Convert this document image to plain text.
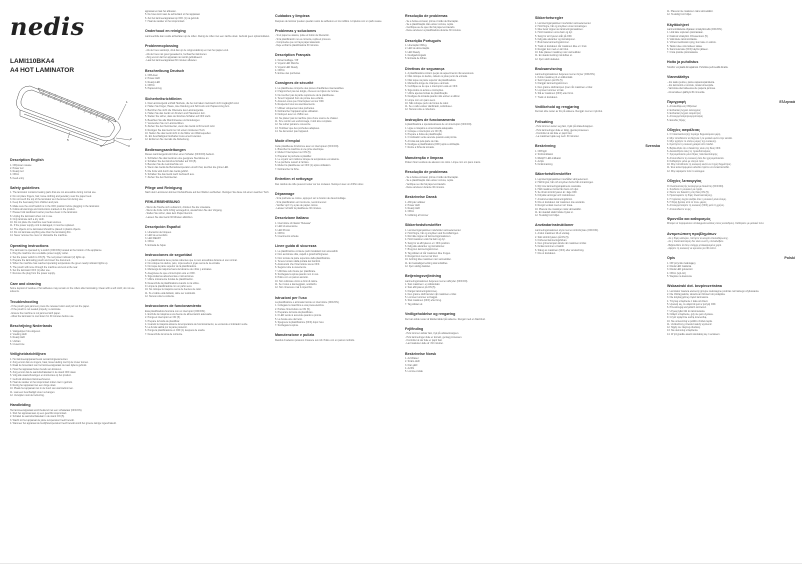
nedis
LAMI110BKA4
A4 HOT LAMINATOR
1
2
3
4
5
Description English
1. Off/power release
2. Power led
3. Ready led
4. Off/on
5. Feed entry
Safety guidelines
1. The laminator contains heating parts that are not accessible during normal use.
2. Do not place fingers, hair, loose clothing and jewellery near the paper feed.
3. Do not touch the top of the laminator as it becomes hot during use.
4. Keep the heat away from children and pets.
5. Make sure the on/off switch is in the OFF position before plugging in the laminator.
6. Follow all warnings and instructions marked on the product.
7. Please hold cardboard carrier pouches clean in the laminator.
8. Unplug the laminator when not in use.
9. Only laminate with a dry cloth.
10. Do not place the machine near heat sources.
11. If the power supply cord is damaged, it must be replaced.
12. The objects to be laminated should be placed in plastic objects.
13. Do not laminate anything else than the laminating film.
14. Never remove the cover or dismantle the machine.
Operating instructions
The laminator is operated by a switch (OFF/ON) located at the bottom of the appliance.
1. Plug the machine into a suitable power supply outlet.
2. Set the power switch to ON (5). The red power indicator (2) lights up.
3. Prepare the laminating pouch and insert the document.
4. When the machine has reached operating temperature the green ready indicator lights up.
5. The pouch will move through the machine and exit at the rear.
6. Set the laminator OFF (1) after use.
7. Remove the plug from the power supply.
Care and cleaning

Some deposit of residue of hot adhesive may remain on the rollers after laminating. Clean with a soft cloth; do not use solvents.

Troubleshooting
- If the pouch gets jammed, press the release button and pull out the paper.
- If the pouch is not sealed properly, re-laminate.
- Ensure the machine is not jammed with paper.
- Allow the laminator to cool down for 30 minutes before use.
Beschrijving Nederlands
1. Vastgelopen foto-uitgeven
2. Voeding LED
3. Ready LED
4. Uit/Aan
5. Invoerzone
Veiligheidsrichtlijnen
1. Het lamineerapparaat bevat verwarmingselementen.
2. Zorg ervoor dat uw vingers, haar, losse kleding niet bij de invoer komen.
3. Raak de bovenkant van het lamineerapparaat niet aan tijdens gebruik.
4. Houd het apparaat buiten bereik van kinderen.
5. Zorg ervoor dat de aan/uitschakelaar in de stand OFF staat.
6. Volg alle waarschuwingen en instructies op het product.
7. Gebruik uitsluitend lamineerhoezen.
8. Haal de stekker uit het stopcontact indien niet in gebruik.
9. Reinig het apparaat met een droge doek.
10. Plaats het apparaat niet in de buurt van warmtebronnen.
11. Laat een beschadigd snoer vervangen.
12. Verwijder nooit de behuizing.
Handleiding
Het lamineerapparaat wordt bediend met een schakelaar (OFF/ON).
1. Sluit het apparaat aan op een geschikt stopcontact.
2. Schakel de aan/uitschakelaar in de stand ON (5).
3. Wacht tot het apparaat de juiste temperatuur heeft bereikt.
4. Wanneer het apparaat de bedrijfstemperatuur heeft bereikt wordt het groene lampje ingeschakeld.
apparaat en laat het afkoelen.
5. De hoes komt aan de achterkant uit het apparaat.
6. Zet het lamineerapparaat op OFF (1) na gebruik.
7. Haal de stekker uit het stopcontact.
Onderhoud en reiniging

Lamineerfolie kan residu achterlaten op de rollen. Reinig de rollen met een zachte doek. Gebruik geen oplosmiddelen.

Probleemoplossing
- Als de hoes vastloopt, druk dan op de ontgrendelknop en trek het papier eruit.
- Als de hoes niet goed gesealed is, herhaal het lamineren.
- Zorg ervoor dat het apparaat niet wordt geblokkeerd.
- Laat het lamineerapparaat 30 minuten afkoelen.
Beschreibung Deutsch
1. Off/Lösen
2. Power-LED
3. Ready-LED
4. Off/On
5. Papiereinzug
Sicherheitsrichtlinien
1. Das Laminiergerät enthält Heizteile, die bei normalem Gebrauch nicht zugänglich sind.
2. Halten Sie Finger, Haare, lose Kleidung und Schmuck vom Papiereinzug fern.
3. Berühren Sie nicht die Oberseite des Laminiergeräts.
4. Halten Sie das Gerät von Kindern und Haustieren fern.
5. Stellen Sie sicher, dass der Ein/Aus-Schalter auf OFF steht.
6. Beachten Sie alle Warnhinweise und Anleitungen.
7. Verwenden Sie nur Laminierfolien.
8. Ziehen Sie den Netzstecker, wenn das Gerät nicht benutzt wird.
9. Reinigen Sie das Gerät nur mit einem trockenen Tuch.
10. Stellen Sie das Gerät nicht in die Nähe von Wärmequellen.
11. Ein beschädigtes Netzkabel muss ersetzt werden.
12. Entfernen Sie niemals die Abdeckung.
Bedienungsanleitungen
Dieses Laminiergerät wird über einen Schalter (OFF/ON) bedient.
1. Schließen Sie das Gerät an eine geeignete Steckdose an.
2. Schalten Sie den Ein/Aus-Schalter auf ON (5).
3. Bereiten Sie die Laminierfolie vor.
4. Wenn das Gerät die Betriebstemperatur erreicht hat, leuchtet die grüne LED.
5. Die Folie wird durch das Gerät geführt.
6. Schalten Sie das Gerät nach Gebrauch aus.
7. Ziehen Sie den Netzstecker.
Pflege und Reinigung

Nach dem Laminieren können Klebstoffreste auf den Walzen verbleiben. Reinigen Sie diese mit einem weichen Tuch.

FEHLERBEHEBUNG
- Wenn die Tasche sich verklemmt, drücken Sie die Lösetaste.
- Wenn die Folie nicht richtig versiegelt ist, wiederholen Sie den Vorgang.
- Stellen Sie sicher, dass kein Papier klemmt.
- Lassen Sie das Gerät 30 Minuten abkühlen.
Descripción Español
1. Liberación de bloqueo
2. LED de encendido
3. LED READY
4. Off/on
5. Entrada de hojas
Instrucciones de seguridad
1. La plastificadora tiene piezas calientes que no son accesibles durante el uso normal.
2. No coloque los dedos, pelo, ropa suelta ni joyas cerca de la entrada.
3. No toque la parte superior de la plastificadora.
4. Mantenga la máquina fuera del alcance de niños y animales.
5. Asegúrese de que el interruptor esté en OFF.
6. Siga todas las advertencias e instrucciones.
7. Utilice únicamente fundas de plastificación.
8. Desenchufe la plastificadora cuando no la utilice.
9. Limpie la plastificadora con un paño seco.
10. No coloque la máquina cerca de fuentes de calor.
11. Si el cable está dañado, debe ser sustituido.
12. Nunca retire la cubierta.
Instrucciones de funcionamiento
Esta plastificadora funciona con un interruptor (OFF/ON).
1. Enchufe la máquina a una fuente de alimentación adecuada.
2. Ponga el interruptor en ON (5).
3. Prepare la funda de plastificar.
4. Cuando la máquina alcance la temperatura de funcionamiento, se enciende el indicador verde.
5. La funda saldrá por la parte posterior.
6. Ponga la plastificadora en OFF (1) después de usarla.
7. Desenchufe la toma de corriente.
Cuidados y limpieza

Después de laminar pueden quedar restos de adhesivo en los rodillos. Límpielos con un paño suave.

Problemas y soluciones
- Si el papel se atasca, pulse el botón de liberación.
- Si la plastificación no es correcta, repita el proceso.
- Compruebe que no haya papel atascado.
- Deje enfriar la plastificadora 30 minutos.
Description Français
1. Déverrouillage / Off
2. Voyant LED Marche
3. Voyant LED Ready
4. Off/On
5. Entrée des pochettes
Consignes de sécurité
1. La plastifieuse comporte des pièces chauffantes inaccessibles.
2. N'approchez pas les doigts, cheveux ou bijoux de l'entrée.
3. Ne touchez pas la partie supérieure de la plastifieuse.
4. Tenez l'appareil hors de portée des enfants.
5. Assurez-vous que l'interrupteur est sur OFF.
6. Respectez tous les avertissements.
7. Utilisez uniquement des pochettes.
8. Débranchez l'appareil après utilisation.
9. Nettoyez avec un chiffon sec.
10. Ne placez pas la machine près d'une source de chaleur.
11. Si le cordon est endommagé, il doit être remplacé.
12. Ne retirez jamais le couvercle.
13. N'utilisez que des pochettes adaptées.
14. Ne démontez pas l'appareil.
Mode d'emploi
Cette plastifieuse fonctionne avec un interrupteur (OFF/ON).
1. Branchez la machine à une prise électrique.
2. Mettez l'interrupteur sur ON (5).
3. Préparez la pochette à plastifier.
4. Le voyant vert s'allume lorsque la température est atteinte.
5. La pochette ressort à l'arrière.
6. Mettez la plastifieuse sur OFF (1) après utilisation.
7. Débranchez la fiche.
Entretien et nettoyage

Des résidus de colle peuvent rester sur les rouleaux. Nettoyez avec un chiffon doux.

Dépannage
- Si la pochette se coince, appuyez sur le bouton de déverrouillage.
- Si la plastification est incorrecte, recommencez.
- Vérifiez qu'il n'y a pas de papier coincé.
- Laissez refroidir la plastifieuse 30 minutes.
Descrizione Italiano
1. Interruttore di rilascio "Release"
2. LED di accensione
3. LED Pronto
4. Off/On
5. Inserimento schede
Linee guida di sicurezza
1. La plastificatrice contiene parti riscaldanti non accessibili.
2. Non avvicinare dita, capelli o gioielli all'ingresso.
3. Non toccare la parte superiore della plastificatrice.
4. Tenere lontano dalla portata dei bambini.
5. Assicurarsi che l'interruttore sia su OFF.
6. Seguire tutte le avvertenze.
7. Utilizzare solo buste per plastificare.
8. Scollegare la spina quando non in uso.
9. Pulire con un panno asciutto.
10. Non collocare vicino a fonti di calore.
11. Se il cavo è danneggiato, sostituirlo.
12. Non rimuovere mai il coperchio.
Istruzioni per l'uso
La plastificatrice è azionata tramite un interruttore (OFF/ON).
1. Collegare la macchina a una presa elettrica.
2. Portare l'interruttore su ON (5).
3. Preparare la busta da plastificare.
4. Il LED verde si accende quando è pronta.
5. La busta esce dal retro.
6. Spegnere la plastificatrice (OFF) dopo l'uso.
7. Scollegare la spina.
Manutenzione e pulizia

Residui di adesivo possono rimanere sui rulli. Pulire con un panno morbido.

Resolução de problemas
- Se a bolsa encravar, prima o botão de libertação.
- Se a plastificação não estiver correta, repita.
- Certifique-se de que não há papel encravado.
- Deixe arrefecer a plastificadora durante 30 minutos.
Descrição Português
1. Libertação Off/Lig.
2. LED de alimentação
3. LED Ready
4. Desligado/Ligado
5. Entrada de folhas
Diretivas de segurança
1. A plastificadora contém peças de aquecimento não acessíveis.
2. Não coloque os dedos, cabelo ou joias perto da entrada.
3. Não toque na parte superior da plastificadora.
4. Mantenha longe de crianças e animais.
5. Certifique-se de que o interruptor está em OFF.
6. Siga todos os avisos e instruções.
7. Utilize apenas bolsas de plastificação.
8. Desligue da tomada quando não estiver a utilizar.
9. Limpe com um pano seco.
10. Não coloque perto de fontes de calor.
11. Se o cabo estiver danificado, substitua-o.
12. Nunca retire a cobertura.
Instruções de funcionamento
A plastificadora é operada através de um interruptor (OFF/ON).
1. Ligue a máquina a uma tomada adequada.
2. Coloque o interruptor em ON (5).
3. Prepare a bolsa de plastificação.
4. O indicador verde acende quando está pronta.
5. A bolsa sai pela parte de trás.
6. Desligue a plastificadora (OFF) após a utilização.
7. Retire a ficha da tomada.
Manutenção e limpeza

Podem ficar resíduos de adesivo nos rolos. Limpe com um pano macio.

Resolução de problemas
- Se a bolsa encravar, prima o botão de libertação.
- Se a plastificação não estiver correta, repita.
- Verifique se não há papel encravado.
- Deixe arrefecer durante 30 minutos.
Beskrivelse Dansk
1. Afbryder udløser
2. Power LED
3. Ready LED
4. Off/on
5. Indføring af lommer
Sikkerhedsforskrifter
1. Lamineringsmaskinen indeholder varmeelementer.
2. Hold fingre, hår og smykker væk fra indføringen.
3. Rør ikke toppen af lamineringsmaskinen.
4. Hold maskinen væk fra børn og dyr.
5. Sørg for at afbryderen er i OFF-position.
6. Følg alle advarsler og instruktioner.
7. Brug kun lamineringslommer.
8. Tag stikket ud når maskinen ikke bruges.
9. Rengør kun med en tør klud.
10. Anbring ikke maskinen nær varmekilder.
11. En beskadiget ledning skal udskiftes.
12. Fjern aldrig dækslet.
Betjeningsvejledning
Lamineringsmaskinen betjenes med en afbryder (OFF/ON).
1. Sæt maskinen i en stikkontakt.
2. Sæt afbryderen på ON (5).
3. Klargør lamineringslommen.
4. Den grønne LED tænder når maskinen er klar.
5. Lommen kommer ud bagpå.
6. Sluk maskinen (OFF) efter brug.
7. Tag stikket ud.
Vedligeholdelse og rengøring

Der kan sidde rester af klæbemiddel på valserne. Rengør med en blød klud.

Fejlfinding
- Hvis lommen sidder fast, tryk på udløserknappen.
- Hvis lamineringen ikke er korrekt, gentag processen.
- Kontroller at der ikke er papir fast.
- Lad maskinen køle af i 30 minutter.
Beskrivelse Norsk
1. Av/Utløser
2. Strøm-LED
3. Klar-LED
4. Av/På
5. Lomme-inntak
Sikkerhetsregler
1. Lamineringsmaskinen inneholder varmeelementer.
2. Hold fingre, hår og smykker unna innmatingen.
3. Ikke berør toppen av lamineringsmaskinen.
4. Hold maskinen unna barn og dyr.
5. Sørg for at bryteren står på OFF.
6. Følg alle advarsler og instruksjoner.
7. Bruk bare lamineringslommer.
8. Trekk ut kontakten når maskinen ikke er i bruk.
9. Rengjør kun med en tørr klut.
10. Ikke plasser maskinen nær varmekilder.
11. En skadet ledning må skiftes ut.
12. Fjern aldri dekselet.
Bruksanvisning
Lamineringsmaskinen betjenes med en bryter (OFF/ON).
1. Koble maskinen til en stikkontakt.
2. Sett bryteren på ON (5).
3. Klargjør lamineringslommen.
4. Den grønne LED-lampen lyser når maskinen er klar.
5. Lommen kommer ut bak.
6. Slå av maskinen (OFF) etter bruk.
7. Trekk ut kontakten.
Vedlikehold og rengjøring

Det kan sitte rester av lim på valsene. Rengjør med en myk klut.

Feilsøking
- Hvis lommen setter seg fast, trykk på utløserknappen.
- Hvis lamineringen ikke er riktig, gjenta prosessen.
- Kontroller at det ikke er papir fast.
- La maskinen kjøle seg ned i 30 minutter.
Beskrivning	Svenska
1. Off/frigör
2. Strömindikator
3. READY LED-indikator
4. Av/på
5. Fickinmatning
Säkerhetsföreskrifter
1. Lamineringsmaskinen innehåller värmeelement.
2. Håll fingrar, hår och smycken borta från inmatningen.
3. Rör inte lamineringsmaskinens ovansida.
4. Håll maskinen borta från barn och djur.
5. Se till att strömbrytaren är i läge OFF.
6. Följ alla varningar och instruktioner.
7. Använd endast lamineringsfickor.
8. Dra ut kontakten när maskinen inte används.
9. Rengör endast med en torr trasa.
10. Placera inte maskinen nära värmekällor.
11. En skadad sladd måste bytas ut.
12. Ta aldrig bort höljet.
Användarinstruktioner
Lamineringsmaskinen styrs med en strömbrytare (OFF/ON).
1. Anslut maskinen till ett eluttag.
2. Sätt strömbrytaren på ON (5).
3. Förbered lamineringsfickan.
4. Den gröna lampan tänds när maskinen är klar.
5. Fickan kommer ut baktill.
6. Stäng av maskinen (OFF) efter användning.
7. Dra ut kontakten.
11. Placera inte maskinen nära värmekällor.
12. Ta aldrig bort höljet.
Käyttöohjeet
Laminointilaitetta ohjataan virtakytkimellä (OFF/ON).
1. Liitä laite sopivaan pistorasiaan.
2. Käännä virtakytkin ON-asentoon (5).
3. Valmistele laminointitasku.
4. Vihreä merkkivalo syttyy kun laite on valmis.
5. Tasku tulee ulos laitteen takaa.
6. Sammuta laite (OFF) käytön jälkeen.
7. Irrota pistoke pistorasiasta.
Hoito ja puhdistus

Teloihin voi jäädä liimajäämiä. Puhdista pehmeällä liinalla.

Vianmääritys
- Jos tasku juuttuu, paina vapautuspainiketta.
- Jos laminointi ei onnistu, toista toimenpide.
- Varmista ettei laitteessa ole paperia jumissa.
- Anna laitteen jäähtyä 30 minuuttia.
Περιγραφή	Ελληνικά
1. Απελευθέρωση Off/power
2. Ενδεικτική λυχνία λειτουργίας
3. Ενδεικτική λυχνία ετοιμότητας
4. Απενεργοποίηση/ενεργοποίηση
5. Είσοδος θήκης
Οδηγίες ασφάλειας
1. Ο πλαστικοποιητής περιέχει θερμαινόμενα μέρη.
2. Μην τοποθετείτε τα δάχτυλα ή τα μαλλιά κοντά στην είσοδο.
3. Μην αγγίζετε το επάνω μέρος της συσκευής.
4. Κρατήστε τη συσκευή μακριά από παιδιά.
5. Βεβαιωθείτε ότι ο διακόπτης είναι στη θέση OFF.
6. Ακολουθήστε όλες τις προειδοποιήσεις.
7. Χρησιμοποιείτε μόνο θήκες πλαστικοποίησης.
8. Αποσυνδέστε τη συσκευή όταν δεν χρησιμοποιείται.
9. Καθαρίζετε μόνο με στεγνό πανί.
10. Μην τοποθετείτε τη συσκευή κοντά σε πηγές θερμότητας.
11. Ένα κατεστραμμένο καλώδιο πρέπει να αντικατασταθεί.
12. Μην αφαιρείτε ποτέ το κάλυμμα.
Οδηγίες λειτουργίας
Ο πλαστικοποιητής λειτουργεί με διακόπτη (OFF/ON).
1. Συνδέστε τη συσκευή σε πρίζα.
2. Θέστε τον διακόπτη στη θέση ON (5).
3. Προετοιμάστε τη θήκη πλαστικοποίησης.
4. Η πράσινη λυχνία ανάβει όταν η συσκευή είναι έτοιμη.
5. Η θήκη βγαίνει από το πίσω μέρος.
6. Απενεργοποιήστε τη συσκευή (OFF) μετά τη χρήση.
7. Αποσυνδέστε το φις.
Φροντίδα και καθαρισμός

Μπορεί να παραμείνουν υπολείμματα κόλλας στους κυλίνδρους. Καθαρίστε με μαλακό πανί.

Αντιμετώπιση προβλημάτων
- Αν η θήκη κολλήσει, πατήστε το κουμπί απελευθέρωσης.
- Αν η πλαστικοποίηση δεν είναι σωστή, επαναλάβετε.
- Βεβαιωθείτε ότι δεν υπάρχει μπλοκαρισμένο χαρτί.
- Αφήστε τη συσκευή να κρυώσει για 30 λεπτά.
Opis	Polski
1. Off/ przycisk zwalniający
2. Dioda LED zasilania
3. Dioda LED gotowości
4. Off/on (wył./wł.)
5. Wejście na kieszenie
Wskazówki dot. bezpieczeństwa
1. Laminator zawiera elementy grzejne niedostępne podczas normalnego użytkowania.
2. Nie zbliżaj palców, włosów ani biżuterii do podajnika.
3. Nie dotykaj górnej części laminatora.
4. Trzymaj urządzenie z dala od dzieci.
5. Upewnij się, że włącznik jest w pozycji OFF.
6. Przestrzegaj wszystkich ostrzeżeń.
7. Używaj tylko folii do laminowania.
8. Odłącz urządzenie, gdy nie jest używane.
9. Czyść wyłącznie suchą ściereczką.
10. Nie umieszczaj w pobliżu źródeł ciepła.
11. Uszkodzony przewód należy wymienić.
12. Nigdy nie zdejmuj obudowy.
13. Nie demontuj urządzenia.
14. W przypadku awarii skontaktuj się z serwisem.
